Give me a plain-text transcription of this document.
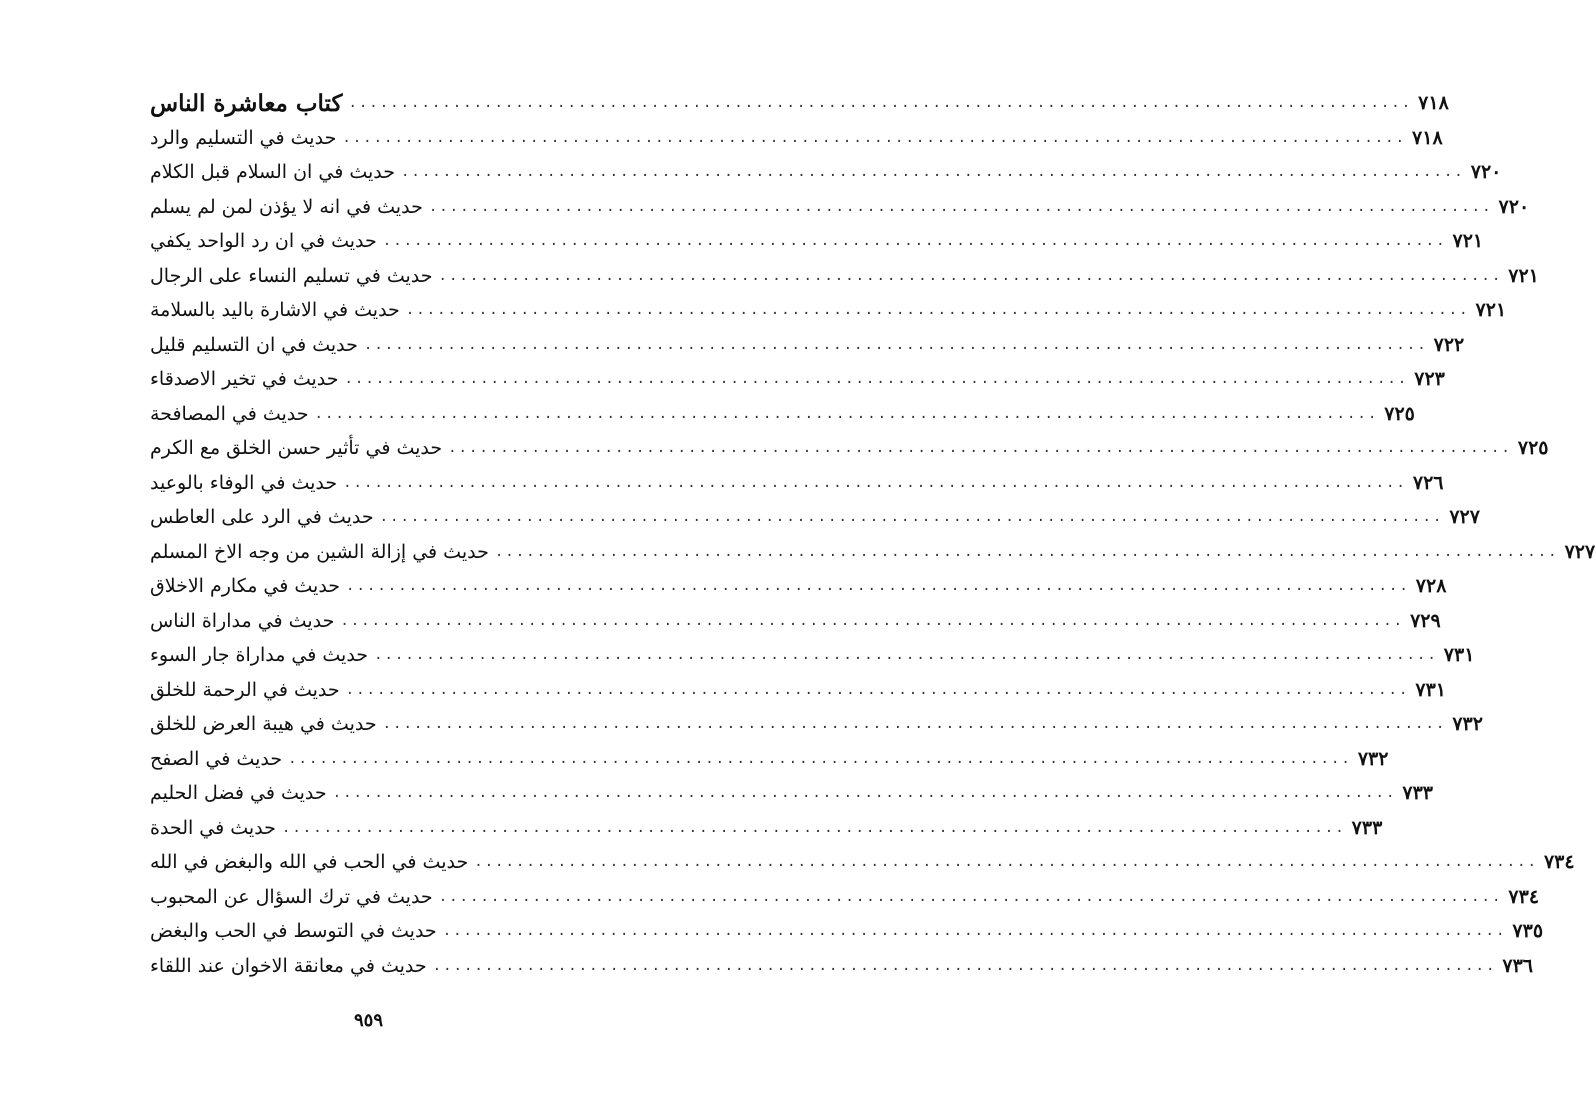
كتاب معاشرة الناس ...................................................................................................... ٧١٨
حديث في التسليم والرد ...................................................................................................... ٧١٨
حديث في ان السلام قبل الكلام ...................................................................................................... ٧٢٠
حديث في انه لا يؤذن لمن لم يسلم ...................................................................................................... ٧٢٠
حديث في ان رد الواحد يكفي ...................................................................................................... ٧٢١
حديث في تسليم النساء على الرجال ...................................................................................................... ٧٢١
حديث في الاشارة باليد بالسلامة ...................................................................................................... ٧٢١
حديث في ان التسليم قليل ...................................................................................................... ٧٢٢
حديث في تخير الاصدقاء ...................................................................................................... ٧٢٣
حديث في المصافحة ...................................................................................................... ٧٢٥
حديث في تأثير حسن الخلق مع الكرم ...................................................................................................... ٧٢٥
حديث في الوفاء بالوعيد ...................................................................................................... ٧٢٦
حديث في الرد على العاطس ...................................................................................................... ٧٢٧
حديث في إزالة الشين من وجه الاخ المسلم ...................................................................................................... ٧٢٧
حديث في مكارم الاخلاق ...................................................................................................... ٧٢٨
حديث في مداراة الناس ...................................................................................................... ٧٢٩
حديث في مداراة جار السوء ...................................................................................................... ٧٣١
حديث في الرحمة للخلق ...................................................................................................... ٧٣١
حديث في هيبة العرض للخلق ...................................................................................................... ٧٣٢
حديث في الصفح ...................................................................................................... ٧٣٢
حديث في فضل الحليم ...................................................................................................... ٧٣٣
حديث في الحدة ...................................................................................................... ٧٣٣
حديث في الحب في الله والبغض في الله ...................................................................................................... ٧٣٤
حديث في ترك السؤال عن المحبوب ...................................................................................................... ٧٣٤
حديث في التوسط في الحب والبغض ...................................................................................................... ٧٣٥
حديث في معانقة الاخوان عند اللقاء ...................................................................................................... ٧٣٦
٩٥٩
